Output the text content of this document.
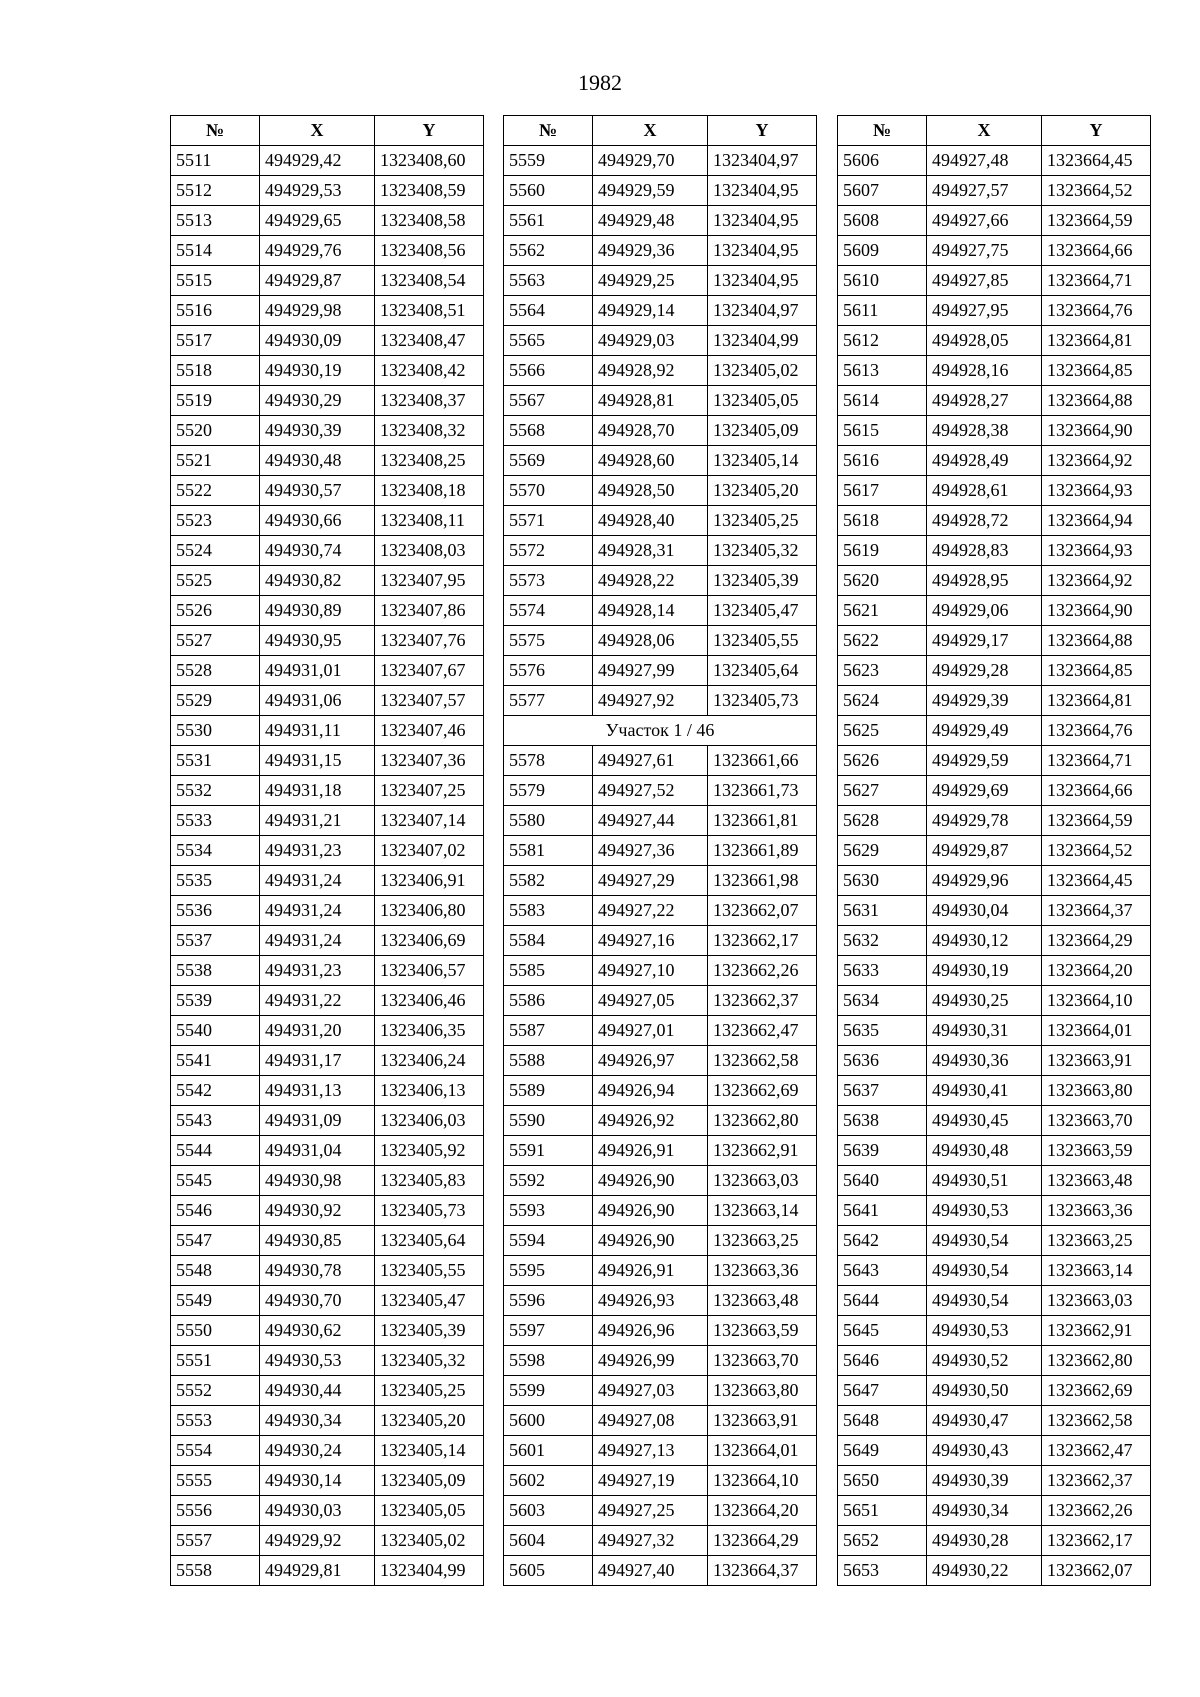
1982
№	X	Y
5511	494929,42	1323408,60
5512	494929,53	1323408,59
5513	494929,65	1323408,58
5514	494929,76	1323408,56
5515	494929,87	1323408,54
5516	494929,98	1323408,51
5517	494930,09	1323408,47
5518	494930,19	1323408,42
5519	494930,29	1323408,37
5520	494930,39	1323408,32
5521	494930,48	1323408,25
5522	494930,57	1323408,18
5523	494930,66	1323408,11
5524	494930,74	1323408,03
5525	494930,82	1323407,95
5526	494930,89	1323407,86
5527	494930,95	1323407,76
5528	494931,01	1323407,67
5529	494931,06	1323407,57
5530	494931,11	1323407,46
5531	494931,15	1323407,36
5532	494931,18	1323407,25
5533	494931,21	1323407,14
5534	494931,23	1323407,02
5535	494931,24	1323406,91
5536	494931,24	1323406,80
5537	494931,24	1323406,69
5538	494931,23	1323406,57
5539	494931,22	1323406,46
5540	494931,20	1323406,35
5541	494931,17	1323406,24
5542	494931,13	1323406,13
5543	494931,09	1323406,03
5544	494931,04	1323405,92
5545	494930,98	1323405,83
5546	494930,92	1323405,73
5547	494930,85	1323405,64
5548	494930,78	1323405,55
5549	494930,70	1323405,47
5550	494930,62	1323405,39
5551	494930,53	1323405,32
5552	494930,44	1323405,25
5553	494930,34	1323405,20
5554	494930,24	1323405,14
5555	494930,14	1323405,09
5556	494930,03	1323405,05
5557	494929,92	1323405,02
5558	494929,81	1323404,99
№	X	Y
5559	494929,70	1323404,97
5560	494929,59	1323404,95
5561	494929,48	1323404,95
5562	494929,36	1323404,95
5563	494929,25	1323404,95
5564	494929,14	1323404,97
5565	494929,03	1323404,99
5566	494928,92	1323405,02
5567	494928,81	1323405,05
5568	494928,70	1323405,09
5569	494928,60	1323405,14
5570	494928,50	1323405,20
5571	494928,40	1323405,25
5572	494928,31	1323405,32
5573	494928,22	1323405,39
5574	494928,14	1323405,47
5575	494928,06	1323405,55
5576	494927,99	1323405,64
5577	494927,92	1323405,73
Участок 1 / 46		
5578	494927,61	1323661,66
5579	494927,52	1323661,73
5580	494927,44	1323661,81
5581	494927,36	1323661,89
5582	494927,29	1323661,98
5583	494927,22	1323662,07
5584	494927,16	1323662,17
5585	494927,10	1323662,26
5586	494927,05	1323662,37
5587	494927,01	1323662,47
5588	494926,97	1323662,58
5589	494926,94	1323662,69
5590	494926,92	1323662,80
5591	494926,91	1323662,91
5592	494926,90	1323663,03
5593	494926,90	1323663,14
5594	494926,90	1323663,25
5595	494926,91	1323663,36
5596	494926,93	1323663,48
5597	494926,96	1323663,59
5598	494926,99	1323663,70
5599	494927,03	1323663,80
5600	494927,08	1323663,91
5601	494927,13	1323664,01
5602	494927,19	1323664,10
5603	494927,25	1323664,20
5604	494927,32	1323664,29
5605	494927,40	1323664,37
№	X	Y
5606	494927,48	1323664,45
5607	494927,57	1323664,52
5608	494927,66	1323664,59
5609	494927,75	1323664,66
5610	494927,85	1323664,71
5611	494927,95	1323664,76
5612	494928,05	1323664,81
5613	494928,16	1323664,85
5614	494928,27	1323664,88
5615	494928,38	1323664,90
5616	494928,49	1323664,92
5617	494928,61	1323664,93
5618	494928,72	1323664,94
5619	494928,83	1323664,93
5620	494928,95	1323664,92
5621	494929,06	1323664,90
5622	494929,17	1323664,88
5623	494929,28	1323664,85
5624	494929,39	1323664,81
5625	494929,49	1323664,76
5626	494929,59	1323664,71
5627	494929,69	1323664,66
5628	494929,78	1323664,59
5629	494929,87	1323664,52
5630	494929,96	1323664,45
5631	494930,04	1323664,37
5632	494930,12	1323664,29
5633	494930,19	1323664,20
5634	494930,25	1323664,10
5635	494930,31	1323664,01
5636	494930,36	1323663,91
5637	494930,41	1323663,80
5638	494930,45	1323663,70
5639	494930,48	1323663,59
5640	494930,51	1323663,48
5641	494930,53	1323663,36
5642	494930,54	1323663,25
5643	494930,54	1323663,14
5644	494930,54	1323663,03
5645	494930,53	1323662,91
5646	494930,52	1323662,80
5647	494930,50	1323662,69
5648	494930,47	1323662,58
5649	494930,43	1323662,47
5650	494930,39	1323662,37
5651	494930,34	1323662,26
5652	494930,28	1323662,17
5653	494930,22	1323662,07
